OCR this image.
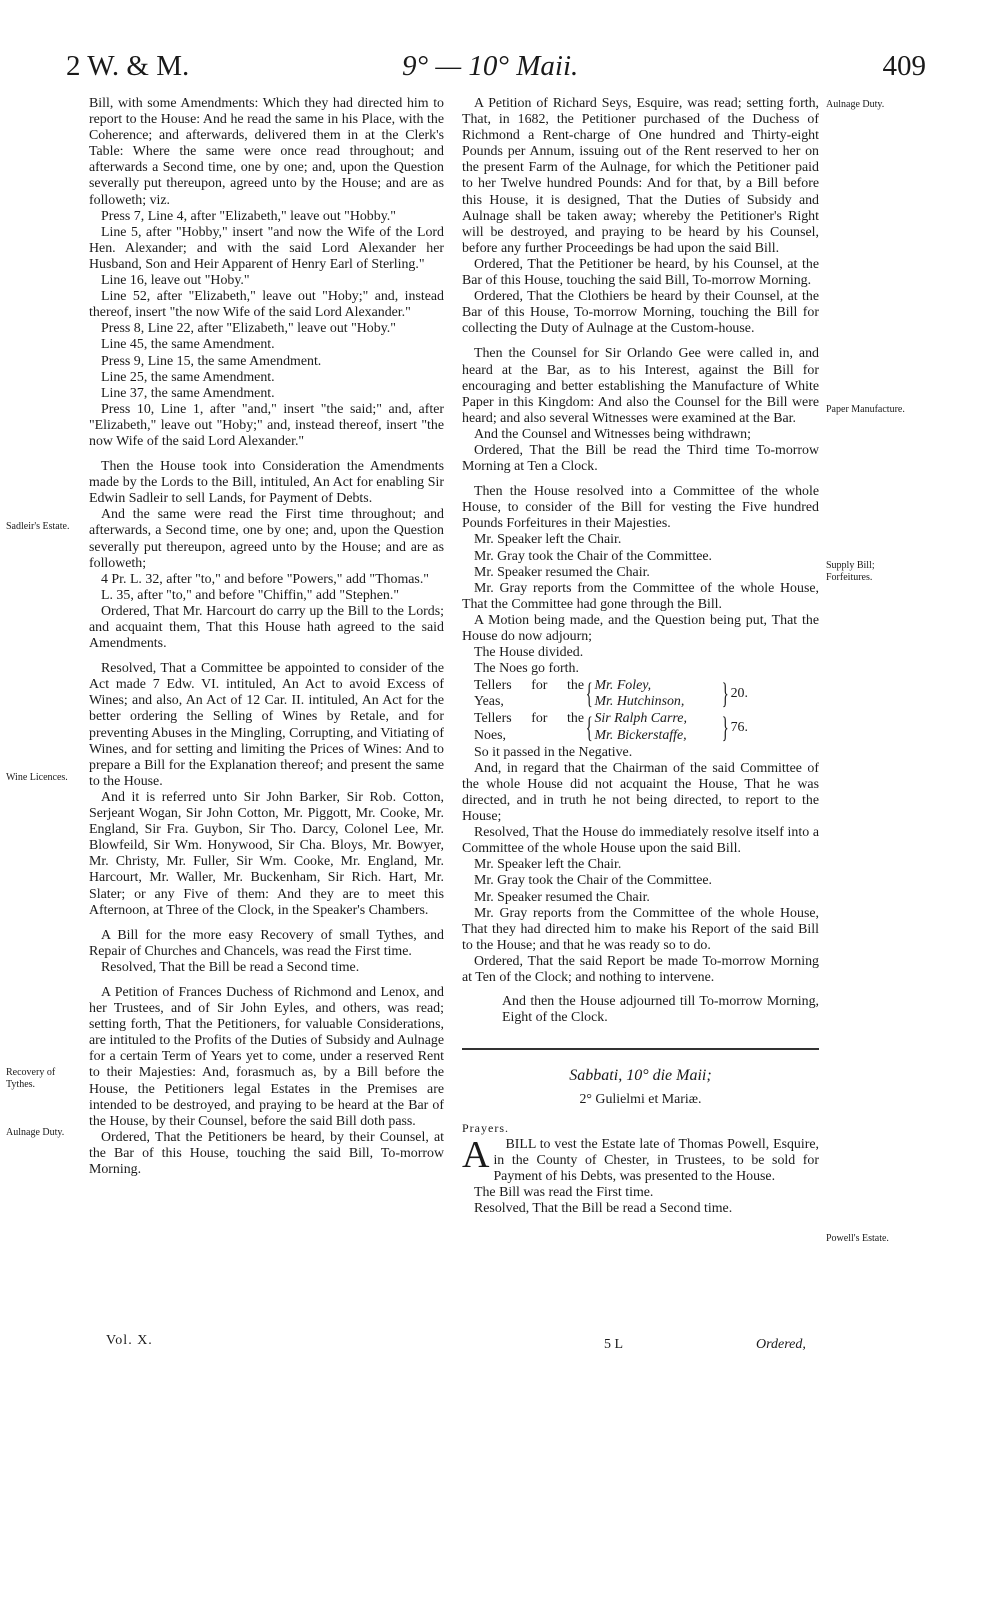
2 W. & M.	9° — 10° Maii.	409
Sadleir's Estate.
Wine Licences.
Recovery of Tythes.
Aulnage Duty.
Aulnage Duty.
Paper Manufacture.
Supply Bill; Forfeitures.
Powell's Estate.

Bill, with some Amendments: Which they had directed him to report to the House: And he read the same in his Place, with the Coherence; and afterwards, delivered them in at the Clerk's Table: Where the same were once read throughout; and afterwards a Second time, one by one; and, upon the Question severally put thereupon, agreed unto by the House; and are as followeth; viz.

Press 7, Line 4, after "Elizabeth," leave out "Hobby."

Line 5, after "Hobby," insert "and now the Wife of the Lord Hen. Alexander; and with the said Lord Alexander her Husband, Son and Heir Apparent of Henry Earl of Sterling."

Line 16, leave out "Hoby."

Line 52, after "Elizabeth," leave out "Hoby;" and, instead thereof, insert "the now Wife of the said Lord Alexander."

Press 8, Line 22, after "Elizabeth," leave out "Hoby."

Line 45, the same Amendment.

Press 9, Line 15, the same Amendment.

Line 25, the same Amendment.

Line 37, the same Amendment.

Press 10, Line 1, after "and," insert "the said;" and, after "Elizabeth," leave out "Hoby;" and, instead thereof, insert "the now Wife of the said Lord Alexander."

Then the House took into Consideration the Amendments made by the Lords to the Bill, intituled, An Act for enabling Sir Edwin Sadleir to sell Lands, for Payment of Debts.

And the same were read the First time throughout; and afterwards, a Second time, one by one; and, upon the Question severally put thereupon, agreed unto by the House; and are as followeth;

4 Pr. L. 32, after "to," and before "Powers," add "Thomas."

L. 35, after "to," and before "Chiffin," add "Stephen."

Ordered, That Mr. Harcourt do carry up the Bill to the Lords; and acquaint them, That this House hath agreed to the said Amendments.

Resolved, That a Committee be appointed to consider of the Act made 7 Edw. VI. intituled, An Act to avoid Excess of Wines; and also, An Act of 12 Car. II. intituled, An Act for the better ordering the Selling of Wines by Retale, and for preventing Abuses in the Mingling, Corrupting, and Vitiating of Wines, and for setting and limiting the Prices of Wines: And to prepare a Bill for the Explanation thereof; and present the same to the House.

And it is referred unto Sir John Barker, Sir Rob. Cotton, Serjeant Wogan, Sir John Cotton, Mr. Piggott, Mr. Cooke, Mr. England, Sir Fra. Guybon, Sir Tho. Darcy, Colonel Lee, Mr. Blowfeild, Sir Wm. Honywood, Sir Cha. Bloys, Mr. Bowyer, Mr. Christy, Mr. Fuller, Sir Wm. Cooke, Mr. England, Mr. Harcourt, Mr. Waller, Mr. Buckenham, Sir Rich. Hart, Mr. Slater; or any Five of them: And they are to meet this Afternoon, at Three of the Clock, in the Speaker's Chambers.

A Bill for the more easy Recovery of small Tythes, and Repair of Churches and Chancels, was read the First time.

Resolved, That the Bill be read a Second time.

A Petition of Frances Duchess of Richmond and Lenox, and her Trustees, and of Sir John Eyles, and others, was read; setting forth, That the Petitioners, for valuable Considerations, are intituled to the Profits of the Duties of Subsidy and Aulnage for a certain Term of Years yet to come, under a reserved Rent to their Majesties: And, forasmuch as, by a Bill before the House, the Petitioners legal Estates in the Premises are intended to be destroyed, and praying to be heard at the Bar of the House, by their Counsel, before the said Bill doth pass.

Ordered, That the Petitioners be heard, by their Counsel, at the Bar of this House, touching the said Bill, To-morrow Morning.

A Petition of Richard Seys, Esquire, was read; setting forth, That, in 1682, the Petitioner purchased of the Duchess of Richmond a Rent-charge of One hundred and Thirty-eight Pounds per Annum, issuing out of the Rent reserved to her on the present Farm of the Aulnage, for which the Petitioner paid to her Twelve hundred Pounds: And for that, by a Bill before this House, it is designed, That the Duties of Subsidy and Aulnage shall be taken away; whereby the Petitioner's Right will be destroyed, and praying to be heard by his Counsel, before any further Proceedings be had upon the said Bill.

Ordered, That the Petitioner be heard, by his Counsel, at the Bar of this House, touching the said Bill, To-morrow Morning.

Ordered, That the Clothiers be heard by their Counsel, at the Bar of this House, To-morrow Morning, touching the Bill for collecting the Duty of Aulnage at the Custom-house.

Then the Counsel for Sir Orlando Gee were called in, and heard at the Bar, as to his Interest, against the Bill for encouraging and better establishing the Manufacture of White Paper in this Kingdom: And also the Counsel for the Bill were heard; and also several Witnesses were examined at the Bar.

And the Counsel and Witnesses being withdrawn;

Ordered, That the Bill be read the Third time To-morrow Morning at Ten a Clock.

Then the House resolved into a Committee of the whole House, to consider of the Bill for vesting the Five hundred Pounds Forfeitures in their Majesties.

Mr. Speaker left the Chair.

Mr. Gray took the Chair of the Committee.

Mr. Speaker resumed the Chair.

Mr. Gray reports from the Committee of the whole House, That the Committee had gone through the Bill.

A Motion being made, and the Question being put, That the House do now adjourn;

The House divided.

The Noes go forth.

Tellers for the Yeas,	{ Mr. Foley,
Mr. Hutchinson,	} 20.
Tellers for the Noes,	{ Sir Ralph Carre,
Mr. Bickerstaffe,	} 76.

So it passed in the Negative.

And, in regard that the Chairman of the said Committee of the whole House did not acquaint the House, That he was directed, and in truth he not being directed, to report to the House;

Resolved, That the House do immediately resolve itself into a Committee of the whole House upon the said Bill.

Mr. Speaker left the Chair.

Mr. Gray took the Chair of the Committee.

Mr. Speaker resumed the Chair.

Mr. Gray reports from the Committee of the whole House, That they had directed him to make his Report of the said Bill to the House; and that he was ready so to do.

Ordered, That the said Report be made To-morrow Morning at Ten of the Clock; and nothing to intervene.

And then the House adjourned till To-morrow Morning, Eight of the Clock.

Sabbati, 10° die Maii;

2° Gulielmi et Mariæ.

Prayers.

A BILL to vest the Estate late of Thomas Powell, Esquire, in the County of Chester, in Trustees, to be sold for Payment of his Debts, was presented to the House.

The Bill was read the First time.

Resolved, That the Bill be read a Second time.

Vol. X.	5 L	Ordered,
